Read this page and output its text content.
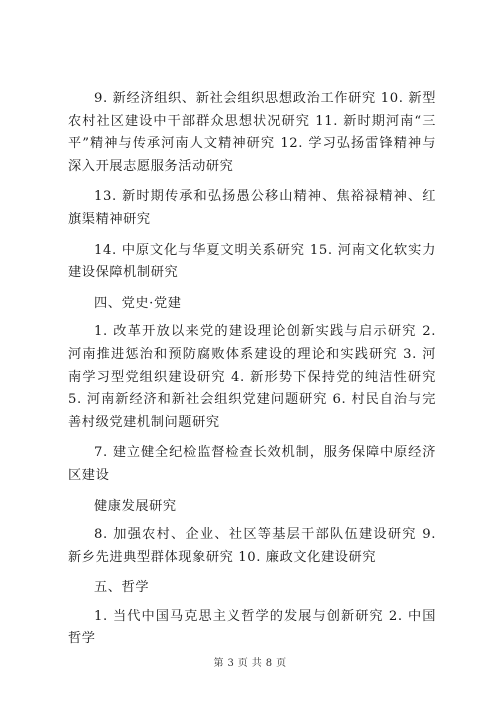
9. 新经济组织、新社会组织思想政治工作研究 10. 新型农村社区建设中干部群众思想状况研究 11. 新时期河南“三平”精神与传承河南人文精神研究 12. 学习弘扬雷锋精神与深入开展志愿服务活动研究

13. 新时期传承和弘扬愚公移山精神、焦裕禄精神、红旗渠精神研究

14. 中原文化与华夏文明关系研究 15. 河南文化软实力建设保障机制研究

四、党史·党建

1. 改革开放以来党的建设理论创新实践与启示研究 2. 河南推进惩治和预防腐败体系建设的理论和实践研究 3. 河南学习型党组织建设研究 4. 新形势下保持党的纯洁性研究 5. 河南新经济和新社会组织党建问题研究 6. 村民自治与完善村级党建机制问题研究

7. 建立健全纪检监督检查长效机制，服务保障中原经济区建设

健康发展研究

8. 加强农村、企业、社区等基层干部队伍建设研究 9. 新乡先进典型群体现象研究 10. 廉政文化建设研究

五、哲学

1. 当代中国马克思主义哲学的发展与创新研究 2. 中国哲学

第 3 页 共 8 页
